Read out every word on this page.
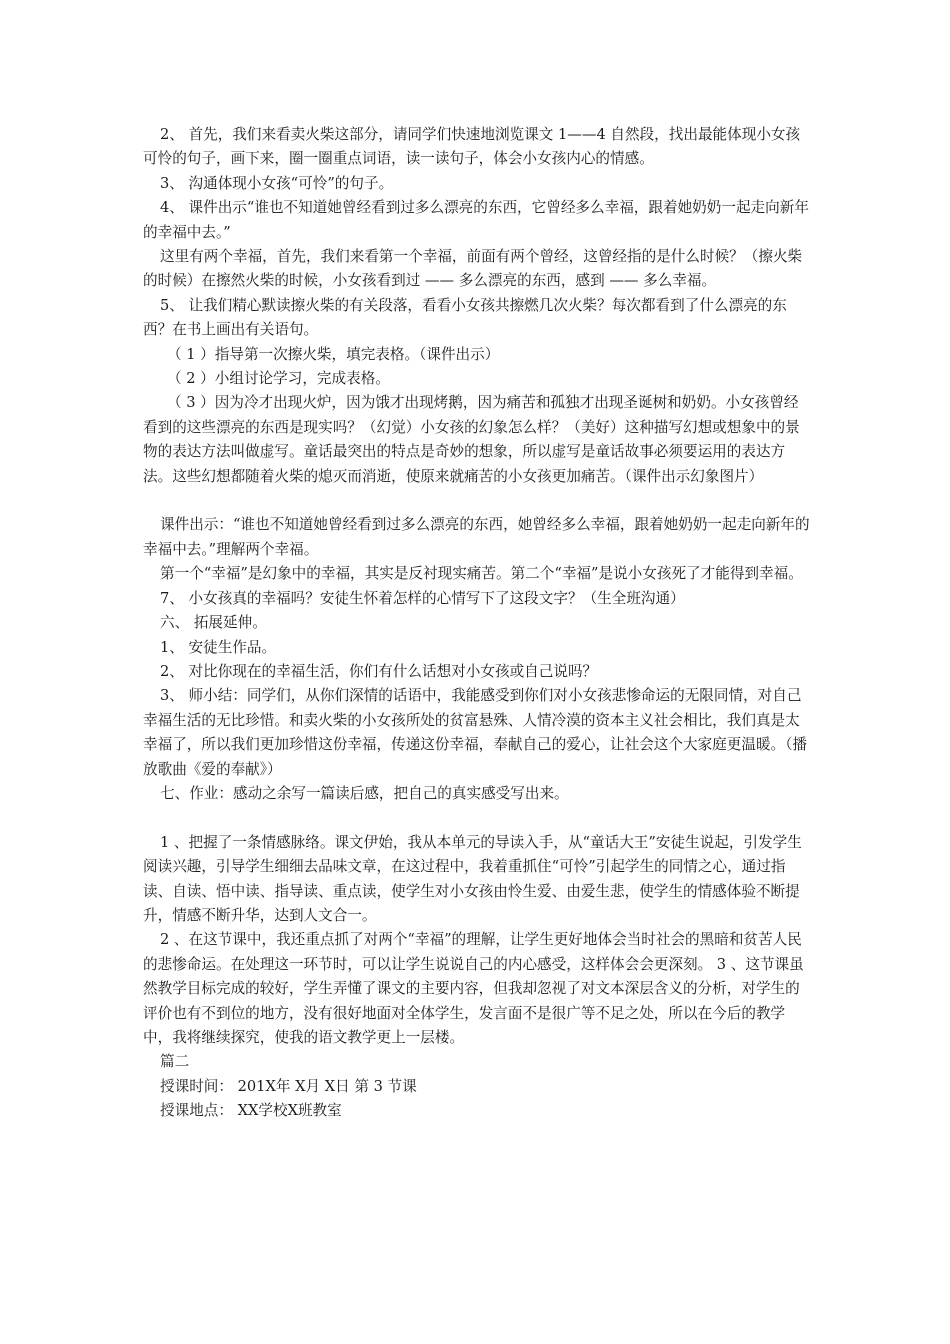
2、 首先，我们来看卖火柴这部分，请同学们快速地浏览课文 1——4 自然段，找出最能体现小女孩可怜的句子，画下来，圈一圈重点词语，读一读句子，体会小女孩内心的情感。

3、 沟通体现小女孩“可怜”的句子。

4、 课件出示“谁也不知道她曾经看到过多么漂亮的东西，它曾经多么幸福，跟着她奶奶一起走向新年的幸福中去。”

这里有两个幸福，首先，我们来看第一个幸福，前面有两个曾经，这曾经指的是什么时候？（擦火柴的时候）在擦然火柴的时候，小女孩看到过 —— 多么漂亮的东西，感到 —— 多么幸福。

5、 让我们精心默读擦火柴的有关段落，看看小女孩共擦燃几次火柴？每次都看到了什么漂亮的东西？在书上画出有关语句。

（ 1 ）指导第一次擦火柴，填完表格。（课件出示）

（ 2 ）小组讨论学习，完成表格。

（ 3 ）因为冷才出现火炉，因为饿才出现烤鹅，因为痛苦和孤独才出现圣诞树和奶奶。小女孩曾经看到的这些漂亮的东西是现实吗？（幻觉）小女孩的幻象怎么样？（美好）这种描写幻想或想象中的景物的表达方法叫做虚写。童话最突出的特点是奇妙的想象，所以虚写是童话故事必须要运用的表达方法。这些幻想都随着火柴的熄灭而消逝，使原来就痛苦的小女孩更加痛苦。（课件出示幻象图片）

课件出示：“谁也不知道她曾经看到过多么漂亮的东西，她曾经多么幸福，跟着她奶奶一起走向新年的幸福中去。”理解两个幸福。

第一个“幸福”是幻象中的幸福，其实是反衬现实痛苦。第二个“幸福”是说小女孩死了才能得到幸福。

7、 小女孩真的幸福吗？安徒生怀着怎样的心情写下了这段文字？（生全班沟通）

六、 拓展延伸。

1、 安徒生作品。

2、 对比你现在的幸福生活，你们有什么话想对小女孩或自己说吗？

3、 师小结：同学们，从你们深情的话语中，我能感受到你们对小女孩悲惨命运的无限同情，对自己幸福生活的无比珍惜。和卖火柴的小女孩所处的贫富悬殊、人情冷漠的资本主义社会相比，我们真是太幸福了，所以我们更加珍惜这份幸福，传递这份幸福，奉献自己的爱心，让社会这个大家庭更温暖。（播放歌曲《爱的奉献》）

七、作业：感动之余写一篇读后感，把自己的真实感受写出来。

1 、把握了一条情感脉络。课文伊始，我从本单元的导读入手，从“童话大王”安徒生说起，引发学生阅读兴趣，引导学生细细去品味文章，在这过程中，我着重抓住“可怜”引起学生的同情之心，通过指读、自读、悟中读、指导读、重点读，使学生对小女孩由怜生爱、由爱生悲，使学生的情感体验不断提升，情感不断升华，达到人文合一。

2 、在这节课中，我还重点抓了对两个“幸福”的理解，让学生更好地体会当时社会的黑暗和贫苦人民的悲惨命运。在处理这一环节时，可以让学生说说自己的内心感受，这样体会会更深刻。 3 、这节课虽然教学目标完成的较好，学生弄懂了课文的主要内容，但我却忽视了对文本深层含义的分析，对学生的评价也有不到位的地方，没有很好地面对全体学生，发言面不是很广等不足之处，所以在今后的教学中，我将继续探究，使我的语文教学更上一层楼。

篇二

授课时间： 201X年 X月 X日 第 3 节课

授课地点： XX学校X班教室
